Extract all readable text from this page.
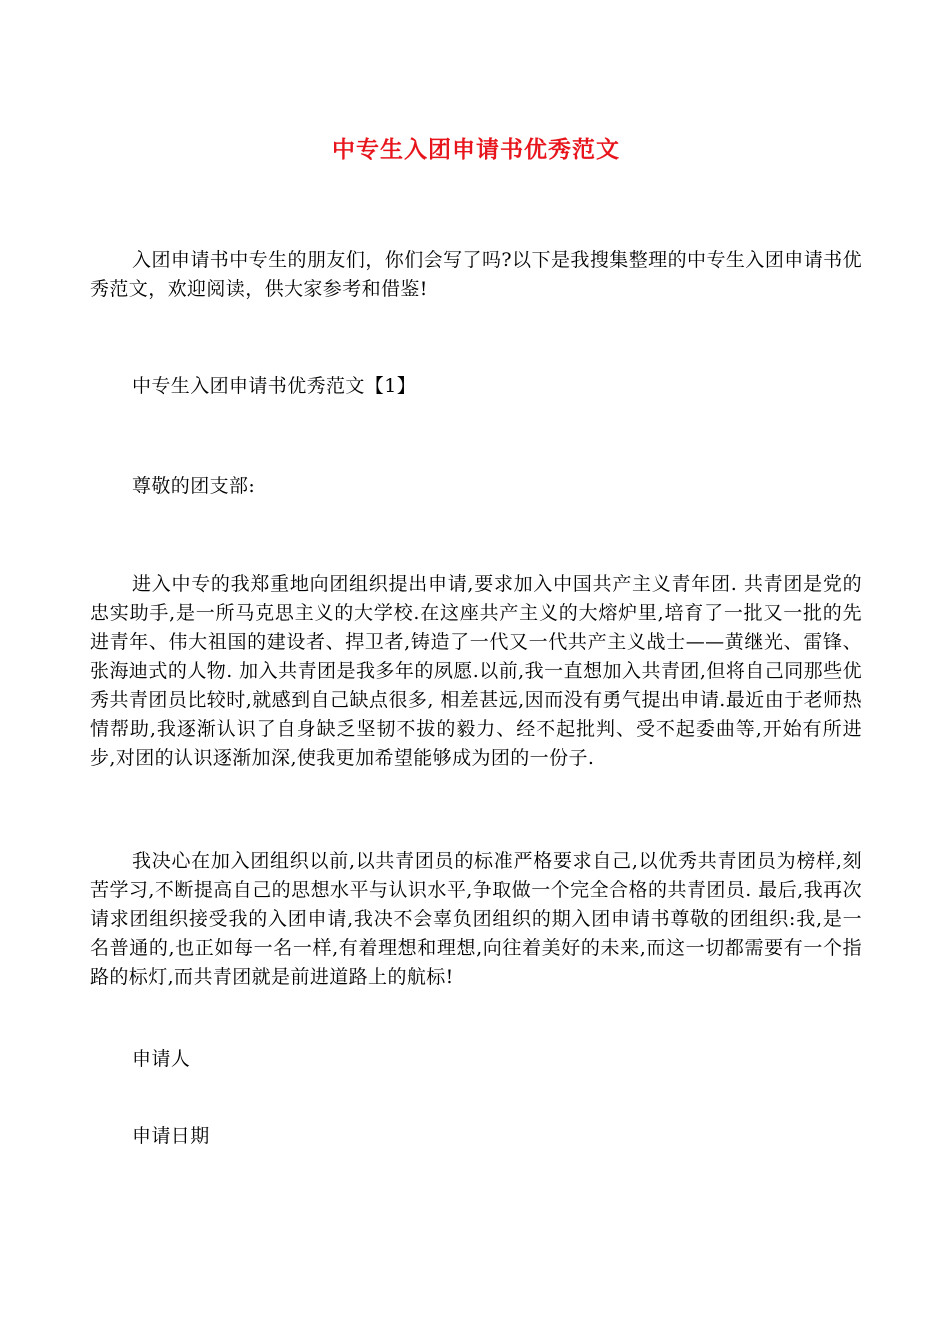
中专生入团申请书优秀范文

入团申请书中专生的朋友们，你们会写了吗?以下是我搜集整理的中专生入团申请书优秀范文，欢迎阅读，供大家参考和借鉴!

中专生入团申请书优秀范文【1】

尊敬的团支部:

进入中专的我郑重地向团组织提出申请,要求加入中国共产主义青年团. 共青团是党的忠实助手,是一所马克思主义的大学校.在这座共产主义的大熔炉里,培育了一批又一批的先进青年、伟大祖国的建设者、捍卫者,铸造了一代又一代共产主义战士——黄继光、雷锋、张海迪式的人物. 加入共青团是我多年的夙愿.以前,我一直想加入共青团,但将自己同那些优秀共青团员比较时,就感到自己缺点很多, 相差甚远,因而没有勇气提出申请.最近由于老师热情帮助,我逐渐认识了自身缺乏坚韧不拔的毅力、经不起批判、受不起委曲等,开始有所进步,对团的认识逐渐加深,使我更加希望能够成为团的一份子.

我决心在加入团组织以前,以共青团员的标准严格要求自己,以优秀共青团员为榜样,刻苦学习,不断提高自己的思想水平与认识水平,争取做一个完全合格的共青团员. 最后,我再次请求团组织接受我的入团申请,我决不会辜负团组织的期入团申请书尊敬的团组织:我,是一名普通的,也正如每一名一样,有着理想和理想,向往着美好的未来,而这一切都需要有一个指路的标灯,而共青团就是前进道路上的航标!

申请人

申请日期
